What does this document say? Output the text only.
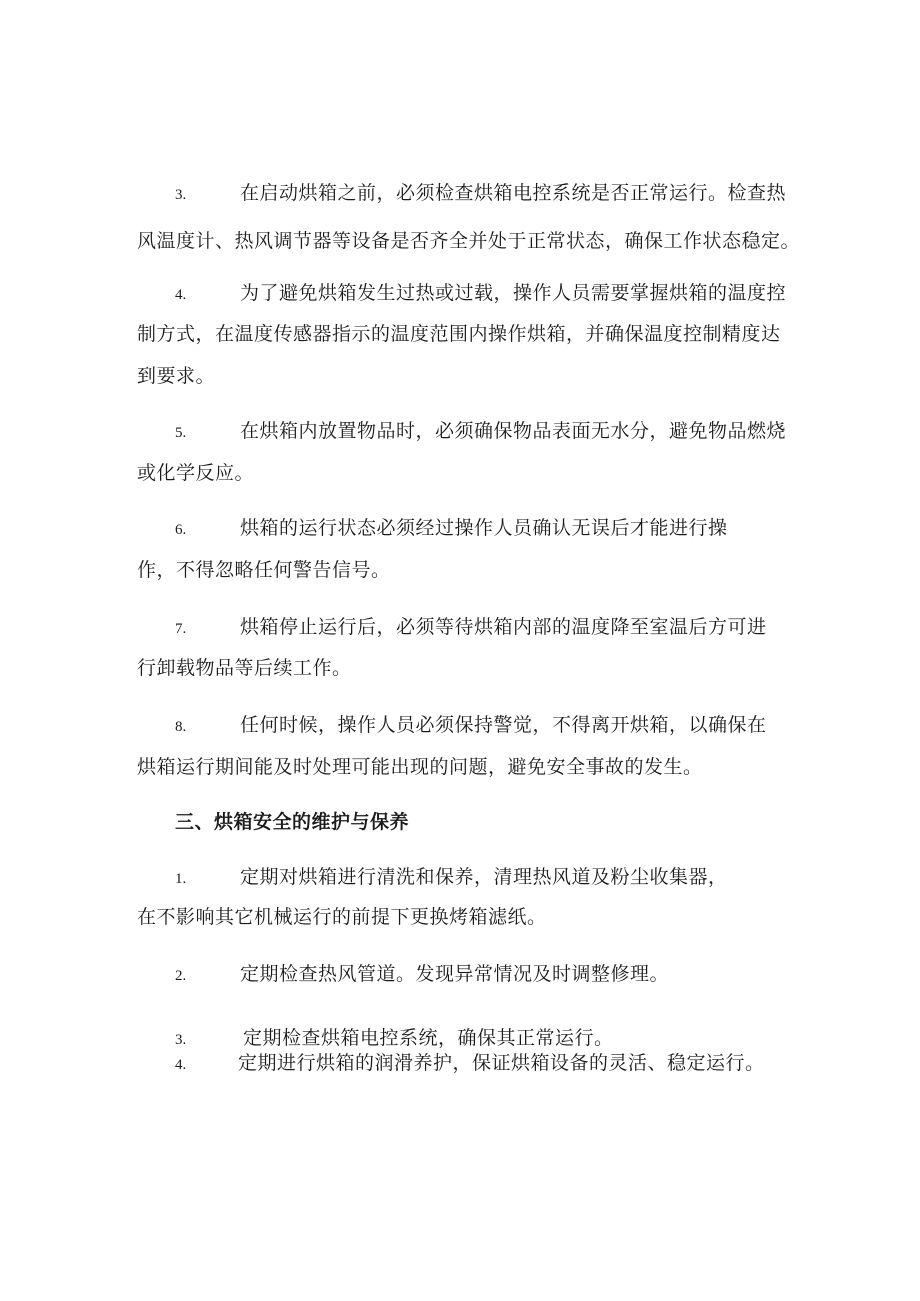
3.	在启动烘箱之前，必须检查烘箱电控系统是否正常运行。检查热
风温度计、热风调节器等设备是否齐全并处于正常状态，确保工作状态稳定。
4.	为了避免烘箱发生过热或过载，操作人员需要掌握烘箱的温度控
制方式，在温度传感器指示的温度范围内操作烘箱，并确保温度控制精度达
到要求。
5.	在烘箱内放置物品时，必须确保物品表面无水分，避免物品燃烧
或化学反应。
6.	烘箱的运行状态必须经过操作人员确认无误后才能进行操
作，不得忽略任何警告信号。
7.	烘箱停止运行后，必须等待烘箱内部的温度降至室温后方可进
行卸载物品等后续工作。
8.	任何时候，操作人员必须保持警觉，不得离开烘箱，以确保在
烘箱运行期间能及时处理可能出现的问题，避免安全事故的发生。
三、烘箱安全的维护与保养
1.	定期对烘箱进行清洗和保养，清理热风道及粉尘收集器，
在不影响其它机械运行的前提下更换烤箱滤纸。
2.	定期检查热风管道。发现异常情况及时调整修理。
3.	定期检查烘箱电控系统，确保其正常运行。
4.	定期进行烘箱的润滑养护，保证烘箱设备的灵活、稳定运行。
